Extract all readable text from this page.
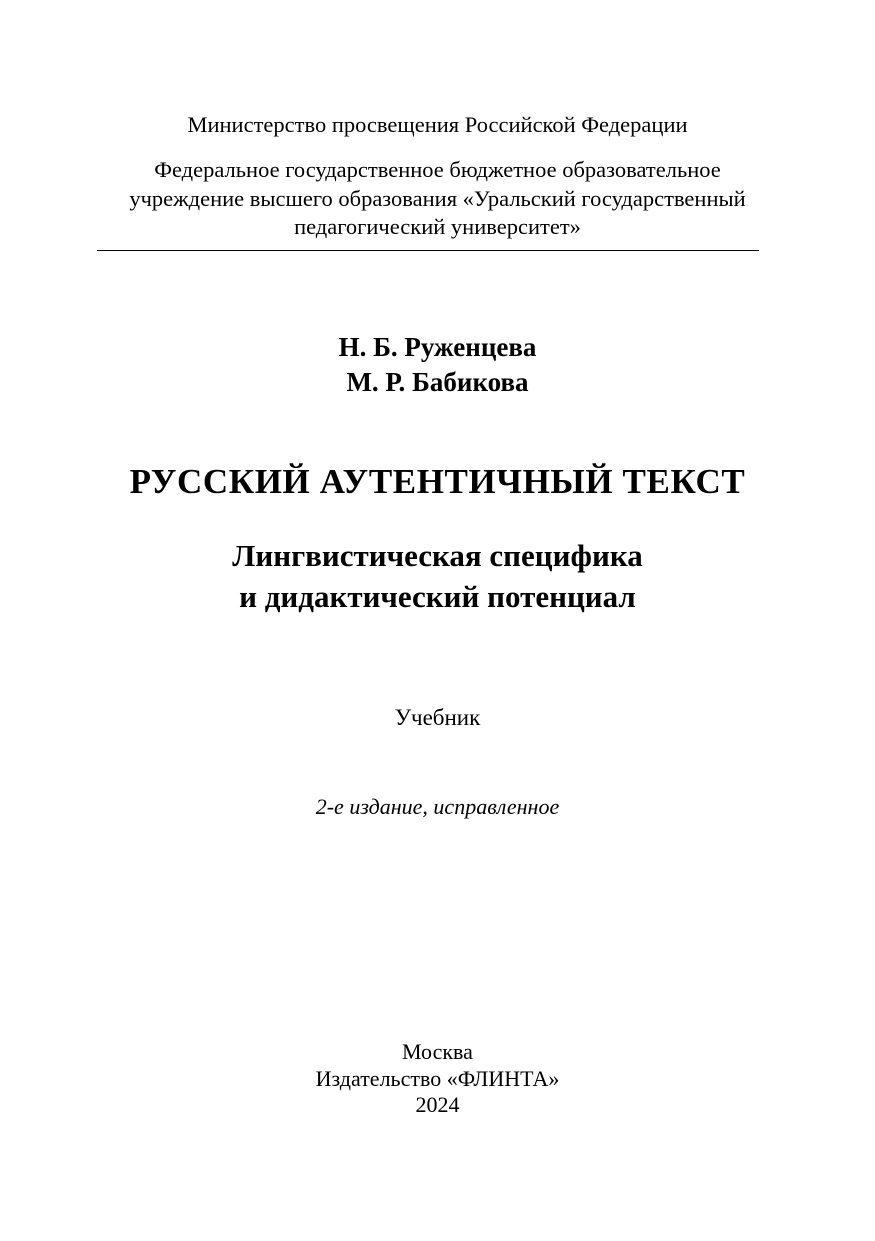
Министерство просвещения Российской Федерации
Федеральное государственное бюджетное образовательное
учреждение высшего образования «Уральский государственный
педагогический университет»
Н. Б. Руженцева
М. Р. Бабикова
РУССКИЙ АУТЕНТИЧНЫЙ ТЕКСТ
Лингвистическая специфика
и дидактический потенциал
Учебник
2-е издание, исправленное
Москва
Издательство «ФЛИНТА»
2024
